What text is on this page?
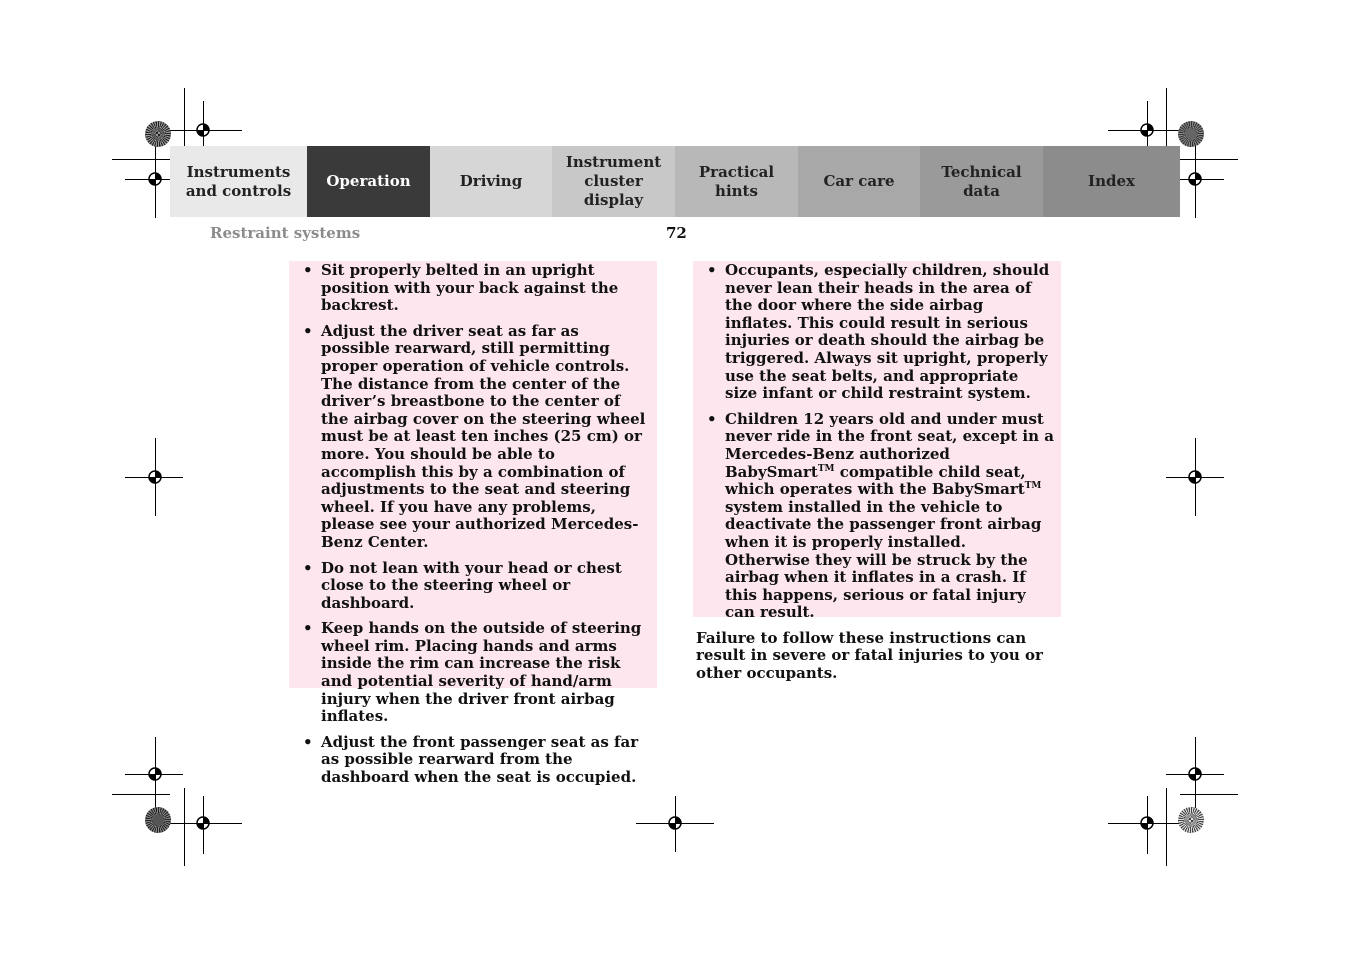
Instruments
and controls
Operation	Driving
Instrument
cluster display
Practical hints
Car care
Technical
data
Index
Restraint systems	72
• Sit properly belted in an upright position with your back against the backrest.
• Adjust the driver seat as far as possible rearward, still permitting proper operation of vehicle controls. The distance from the center of the driver’s breastbone to the center of the airbag cover on the steering wheel must be at least ten inches (25 cm) or more. You should be able to accomplish this by a combination of adjustments to the seat and steering wheel. If you have any problems, please see your authorized Mercedes-Benz Center.
• Do not lean with your head or chest close to the steering wheel or dashboard.
• Keep hands on the outside of steering wheel rim. Placing hands and arms inside the rim can increase the risk and potential severity of hand/arm injury when the driver front airbag inflates.
• Adjust the front passenger seat as far as possible rearward from the dashboard when the seat is occupied.
• Occupants, especially children, should never lean their heads in the area of the door where the side airbag inflates. This could result in serious injuries or death should the airbag be triggered. Always sit upright, properly use the seat belts, and appropriate size infant or child restraint system.
• Children 12 years old and under must never ride in the front seat, except in a Mercedes-Benz authorized BabySmart™ compatible child seat, which operates with the BabySmart™ system installed in the vehicle to deactivate the passenger front airbag when it is properly installed. Otherwise they will be struck by the airbag when it inflates in a crash. If this happens, serious or fatal injury can result.

Failure to follow these instructions can result in severe or fatal injuries to you or other occupants.
